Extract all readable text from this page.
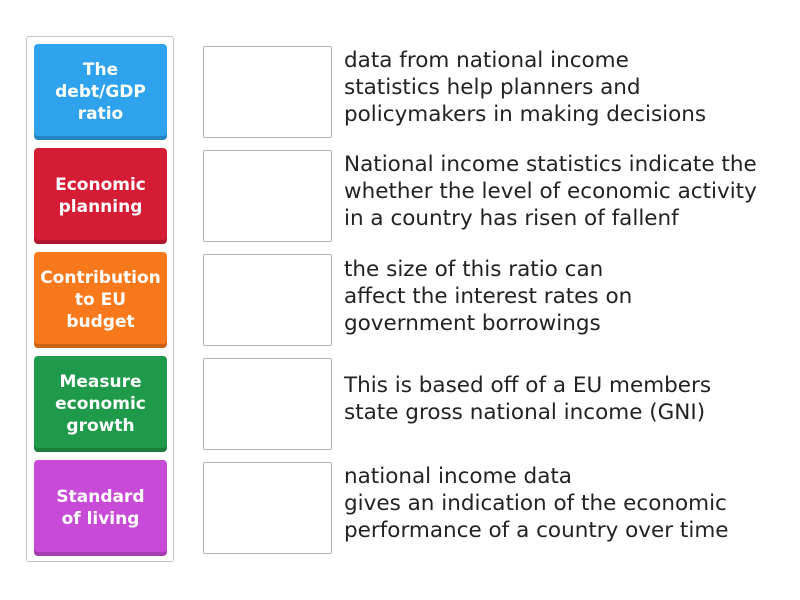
The
debt/GDP
ratio
Economic
planning
Contribution
to EU
budget
Measure
economic
growth
Standard
of living
data from national income
statistics help planners and
policymakers in making decisions
National income statistics indicate the
whether the level of economic activity
in a country has risen of fallenf
the size of this ratio can
affect the interest rates on
government borrowings
This is based off of a EU members
state gross national income (GNI)
national income data
gives an indication of the economic
performance of a country over time
